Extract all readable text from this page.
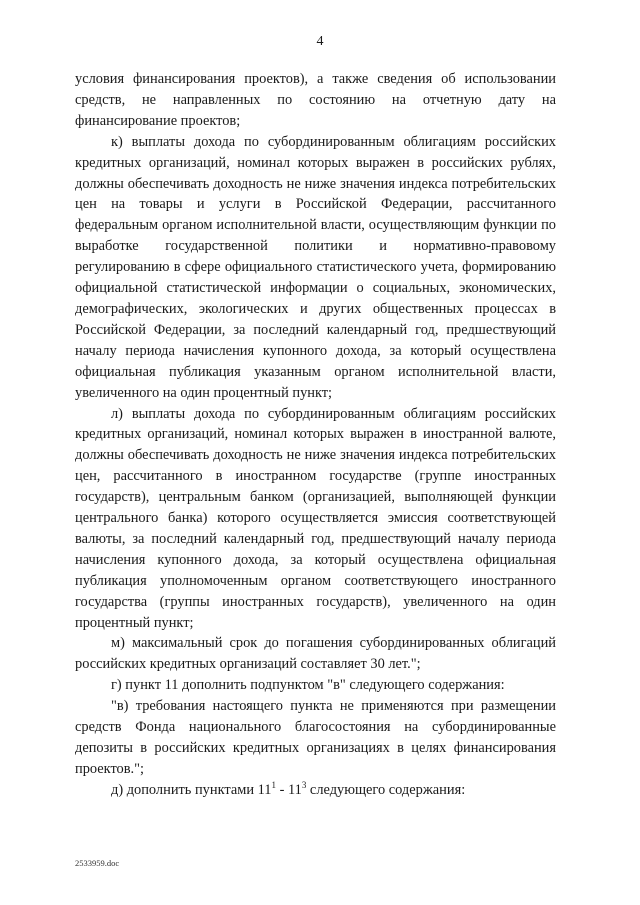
4

условия финансирования проектов), а также сведения об использовании средств, не направленных по состоянию на отчетную дату на финансирование проектов;

к) выплаты дохода по субординированным облигациям российских кредитных организаций, номинал которых выражен в российских рублях, должны обеспечивать доходность не ниже значения индекса потребительских цен на товары и услуги в Российской Федерации, рассчитанного федеральным органом исполнительной власти, осуществляющим функции по выработке государственной политики и нормативно-правовому регулированию в сфере официального статистического учета, формированию официальной статистической информации о социальных, экономических, демографических, экологических и других общественных процессах в Российской Федерации, за последний календарный год, предшествующий началу периода начисления купонного дохода, за который осуществлена официальная публикация указанным органом исполнительной власти, увеличенного на один процентный пункт;

л) выплаты дохода по субординированным облигациям российских кредитных организаций, номинал которых выражен в иностранной валюте, должны обеспечивать доходность не ниже значения индекса потребительских цен, рассчитанного в иностранном государстве (группе иностранных государств), центральным банком (организацией, выполняющей функции центрального банка) которого осуществляется эмиссия соответствующей валюты, за последний календарный год, предшествующий началу периода начисления купонного дохода, за который осуществлена официальная публикация уполномоченным органом соответствующего иностранного государства (группы иностранных государств), увеличенного на один процентный пункт;

м) максимальный срок до погашения субординированных облигаций российских кредитных организаций составляет 30 лет.";

г) пункт 11 дополнить подпунктом "в" следующего содержания:

"в) требования настоящего пункта не применяются при размещении средств Фонда национального благосостояния на субординированные депозиты в российских кредитных организациях в целях финансирования проектов.";

д) дополнить пунктами $11^1 - 11^3$ следующего содержания:

2533959.doc
